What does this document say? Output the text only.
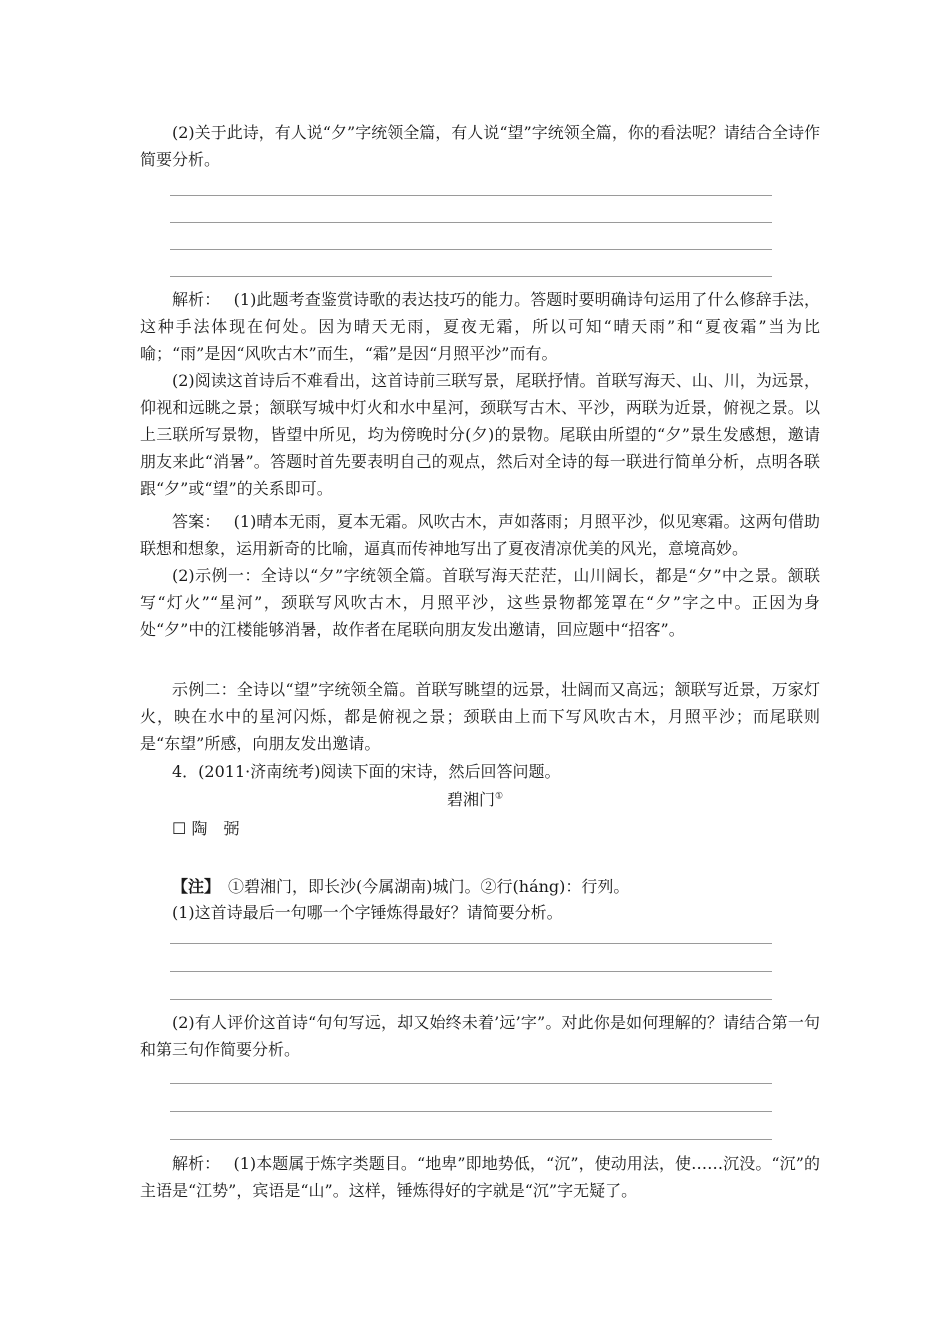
(2)关于此诗，有人说“夕”字统领全篇，有人说“望”字统领全篇，你的看法呢？请结合全诗作简要分析。

解析：　 (1)此题考查鉴赏诗歌的表达技巧的能力。答题时要明确诗句运用了什么修辞手法，这种手法体现在何处。因为晴天无雨，夏夜无霜，所以可知“晴天雨”和“夏夜霜”当为比喻；“雨”是因“风吹古木”而生，“霜”是因“月照平沙”而有。

(2)阅读这首诗后不难看出，这首诗前三联写景，尾联抒情。首联写海天、山、川，为远景，仰视和远眺之景；颔联写城中灯火和水中星河，颈联写古木、平沙，两联为近景，俯视之景。以上三联所写景物，皆望中所见，均为傍晚时分(夕)的景物。尾联由所望的“夕”景生发感想，邀请朋友来此“消暑”。答题时首先要表明自己的观点，然后对全诗的每一联进行简单分析，点明各联跟“夕”或“望”的关系即可。

答案：　 (1)晴本无雨，夏本无霜。风吹古木，声如落雨；月照平沙，似见寒霜。这两句借助联想和想象，运用新奇的比喻，逼真而传神地写出了夏夜清凉优美的风光，意境高妙。

(2)示例一：全诗以“夕”字统领全篇。首联写海天茫茫，山川阔长，都是“夕”中之景。颔联写“灯火”“星河”，颈联写风吹古木，月照平沙，这些景物都笼罩在“夕”字之中。正因为身处“夕”中的江楼能够消暑，故作者在尾联向朋友发出邀请，回应题中“招客”。

示例二：全诗以“望”字统领全篇。首联写眺望的远景，壮阔而又高远；颔联写近景，万家灯火，映在水中的星河闪烁，都是俯视之景；颈联由上而下写风吹古木，月照平沙；而尾联则是“东望”所感，向朋友发出邀请。

4．(2011·济南统考)阅读下面的宋诗，然后回答问题。

碧湘门①
☐ 陶　弼

【注】　 ①碧湘门，即长沙(今属湖南)城门。②行(háng)：行列。

(1)这首诗最后一句哪一个字锤炼得最好？请简要分析。

(2)有人评价这首诗“句句写远，却又始终未着’远’字”。对此你是如何理解的？请结合第一句和第三句作简要分析。

解析：　 (1)本题属于炼字类题目。“地卑”即地势低，“沉”，使动用法，使……沉没。“沉”的主语是“江势”，宾语是“山”。这样，锤炼得好的字就是“沉”字无疑了。
